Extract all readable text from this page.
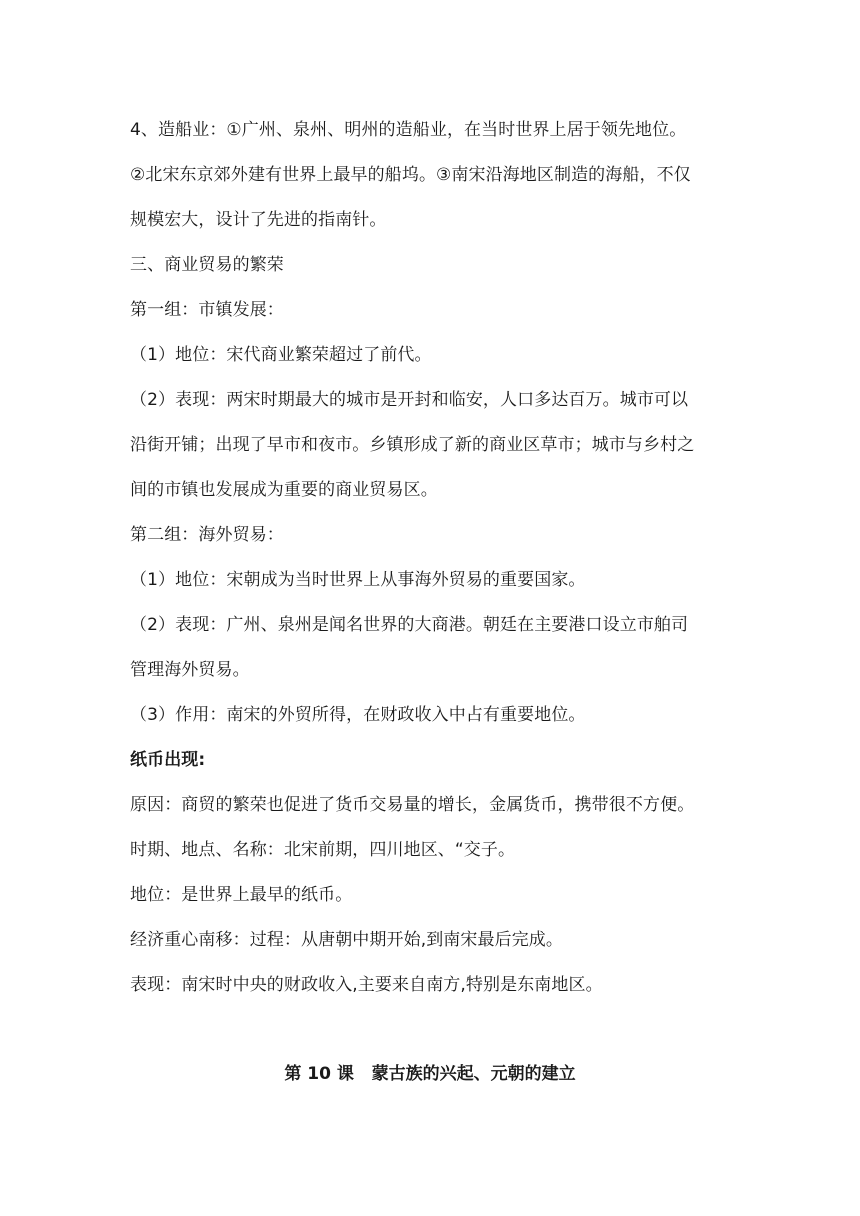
4、造船业：①广州、泉州、明州的造船业，在当时世界上居于领先地位。
②北宋东京郊外建有世界上最早的船坞。③南宋沿海地区制造的海船，不仅
规模宏大，设计了先进的指南针。
三、商业贸易的繁荣
第一组：市镇发展：
（1）地位：宋代商业繁荣超过了前代。
（2）表现：两宋时期最大的城市是开封和临安，人口多达百万。城市可以
沿街开铺；出现了早市和夜市。乡镇形成了新的商业区草市；城市与乡村之
间的市镇也发展成为重要的商业贸易区。
第二组：海外贸易：
（1）地位：宋朝成为当时世界上从事海外贸易的重要国家。
（2）表现：广州、泉州是闻名世界的大商港。朝廷在主要港口设立市舶司
管理海外贸易。
（3）作用：南宋的外贸所得，在财政收入中占有重要地位。
纸币出现:
原因：商贸的繁荣也促进了货币交易量的增长，金属货币，携带很不方便。
时期、地点、名称：北宋前期，四川地区、“交子。
地位：是世界上最早的纸币。
经济重心南移：过程：从唐朝中期开始,到南宋最后完成。
表现：南宋时中央的财政收入,主要来自南方,特别是东南地区。
第 10 课   蒙古族的兴起、元朝的建立
